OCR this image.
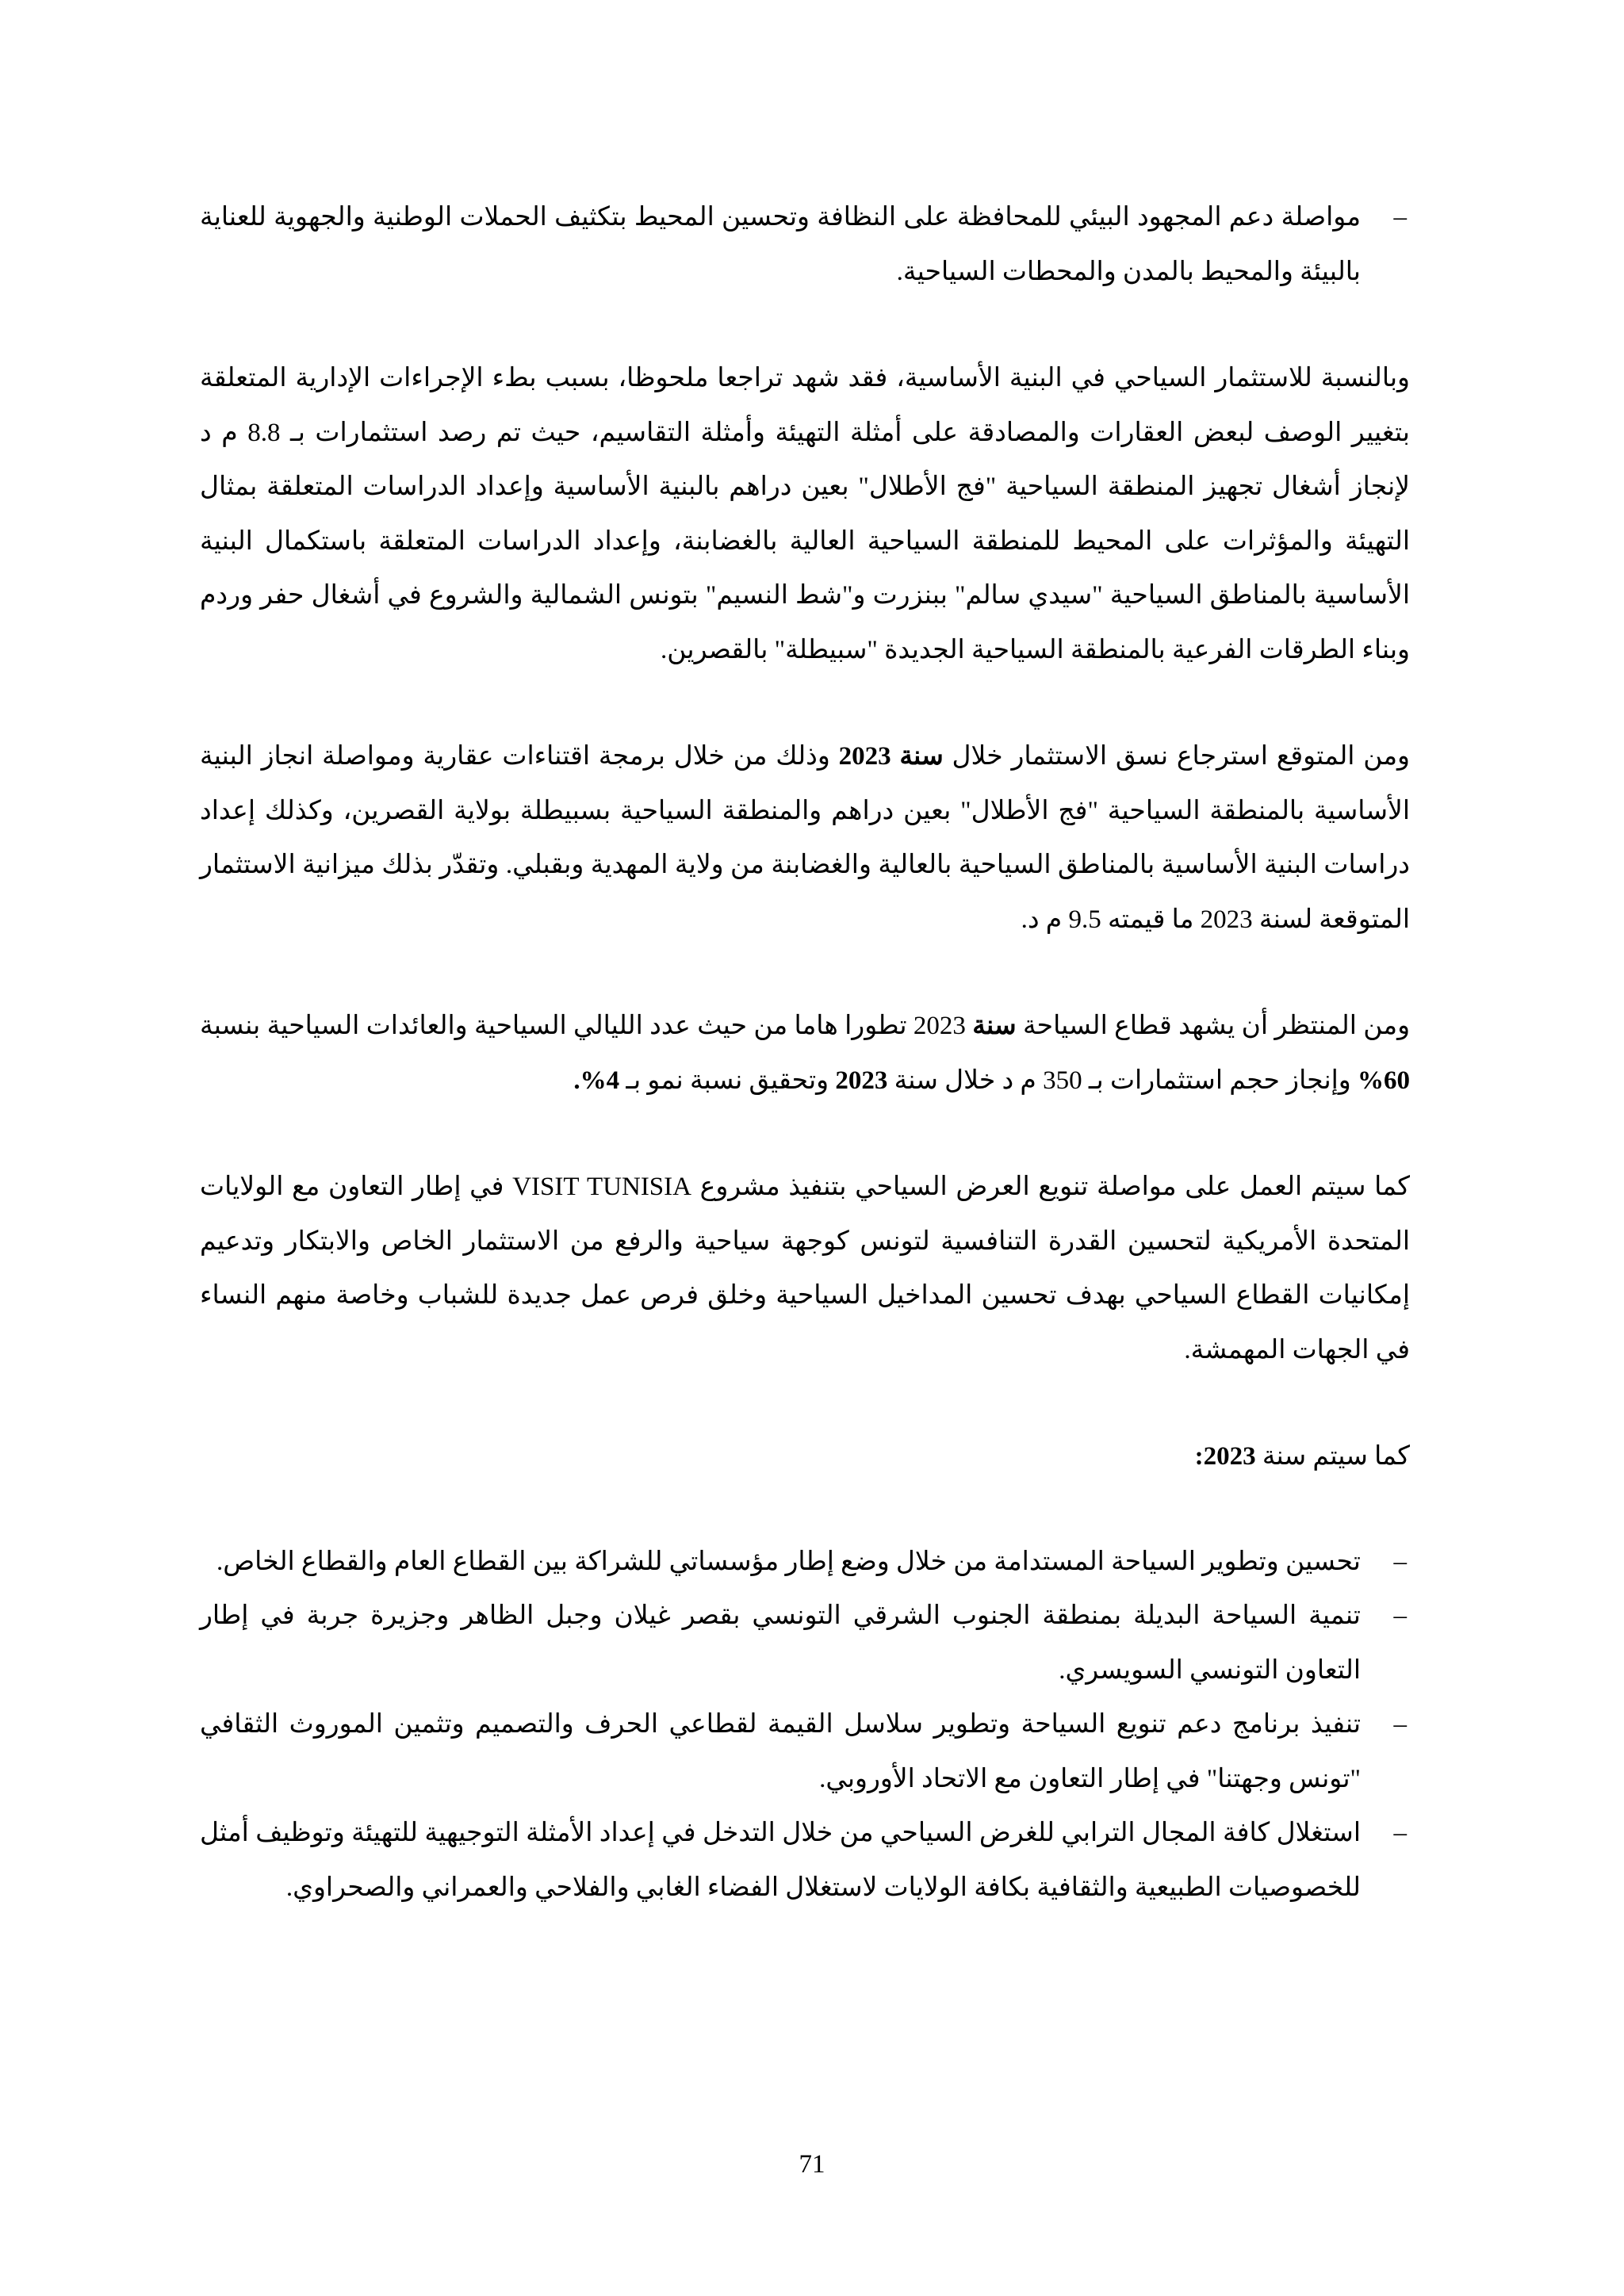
–
مواصلة دعم المجهود البيئي للمحافظة على النظافة وتحسين المحيط بتكثيف الحملات الوطنية والجهوية للعناية بالبيئة والمحيط بالمدن والمحطات السياحية.

وبالنسبة للاستثمار السياحي في البنية الأساسية، فقد شهد تراجعا ملحوظا، بسبب بطء الإجراءات الإدارية المتعلقة بتغيير الوصف لبعض العقارات والمصادقة على أمثلة التهيئة وأمثلة التقاسيم، حيث تم رصد استثمارات بـ 8.8 م د لإنجاز أشغال تجهيز المنطقة السياحية "فج الأطلال" بعين دراهم بالبنية الأساسية وإعداد الدراسات المتعلقة بمثال التهيئة والمؤثرات على المحيط للمنطقة السياحية العالية بالغضابنة، وإعداد الدراسات المتعلقة باستكمال البنية الأساسية بالمناطق السياحية "سيدي سالم" ببنزرت و"شط النسيم" بتونس الشمالية والشروع في أشغال حفر وردم وبناء الطرقات الفرعية بالمنطقة السياحية الجديدة "سبيطلة" بالقصرين.

ومن المتوقع استرجاع نسق الاستثمار خلال سنة 2023 وذلك من خلال برمجة اقتناءات عقارية ومواصلة انجاز البنية الأساسية بالمنطقة السياحية "فج الأطلال" بعين دراهم والمنطقة السياحية بسبيطلة بولاية القصرين، وكذلك إعداد دراسات البنية الأساسية بالمناطق السياحية بالعالية والغضابنة من ولاية المهدية وبقبلي. وتقدّر بذلك ميزانية الاستثمار المتوقعة لسنة 2023 ما قيمته 9.5 م د.

ومن المنتظر أن يشهد قطاع السياحة سنة 2023 تطورا هاما من حيث عدد الليالي السياحية والعائدات السياحية بنسبة 60% وإنجاز حجم استثمارات بـ 350 م د خلال سنة 2023 وتحقيق نسبة نمو بـ 4%.

كما سيتم العمل على مواصلة تنويع العرض السياحي بتنفيذ مشروع VISIT TUNISIA في إطار التعاون مع الولايات المتحدة الأمريكية لتحسين القدرة التنافسية لتونس كوجهة سياحية والرفع من الاستثمار الخاص والابتكار وتدعيم إمكانيات القطاع السياحي بهدف تحسين المداخيل السياحية وخلق فرص عمل جديدة للشباب وخاصة منهم النساء في الجهات المهمشة.

كما سيتم سنة 2023:

–
تحسين وتطوير السياحة المستدامة من خلال وضع إطار مؤسساتي للشراكة بين القطاع العام والقطاع الخاص.
–
تنمية السياحة البديلة بمنطقة الجنوب الشرقي التونسي بقصر غيلان وجبل الظاهر وجزيرة جربة في إطار التعاون التونسي السويسري.
–
تنفيذ برنامج دعم تنويع السياحة وتطوير سلاسل القيمة لقطاعي الحرف والتصميم وتثمين الموروث الثقافي "تونس وجهتنا" في إطار التعاون مع الاتحاد الأوروبي.
–
استغلال كافة المجال الترابي للغرض السياحي من خلال التدخل في إعداد الأمثلة التوجيهية للتهيئة وتوظيف أمثل للخصوصيات الطبيعية والثقافية بكافة الولايات لاستغلال الفضاء الغابي والفلاحي والعمراني والصحراوي.
71
